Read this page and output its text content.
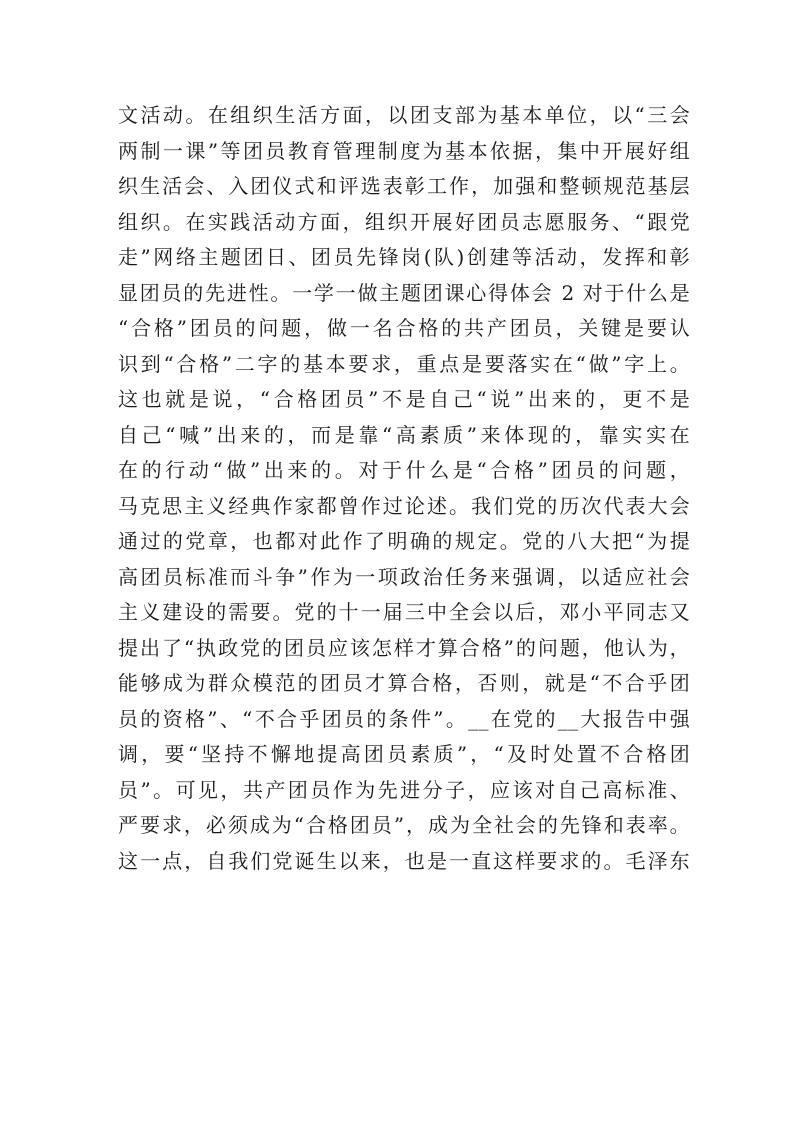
文活动。在组织生活方面，以团支部为基本单位，以“三会
两制一课”等团员教育管理制度为基本依据，集中开展好组
织生活会、入团仪式和评选表彰工作，加强和整顿规范基层
组织。在实践活动方面，组织开展好团员志愿服务、“跟党
走”网络主题团日、团员先锋岗(队)创建等活动，发挥和彰
显团员的先进性。一学一做主题团课心得体会 2 对于什么是
“合格”团员的问题，做一名合格的共产团员，关键是要认
识到“合格”二字的基本要求，重点是要落实在“做”字上。
这也就是说，“合格团员”不是自己“说”出来的，更不是
自己“喊”出来的，而是靠“高素质”来体现的，靠实实在
在的行动“做”出来的。对于什么是“合格”团员的问题，
马克思主义经典作家都曾作过论述。我们党的历次代表大会
通过的党章，也都对此作了明确的规定。党的八大把“为提
高团员标准而斗争”作为一项政治任务来强调，以适应社会
主义建设的需要。党的十一届三中全会以后，邓小平同志又
提出了“执政党的团员应该怎样才算合格”的问题，他认为，
能够成为群众模范的团员才算合格，否则，就是“不合乎团
员的资格”、“不合乎团员的条件”。__在党的__大报告中强
调，要“坚持不懈地提高团员素质”，“及时处置不合格团
员”。可见，共产团员作为先进分子，应该对自己高标准、
严要求，必须成为“合格团员”，成为全社会的先锋和表率。
这一点，自我们党诞生以来，也是一直这样要求的。毛泽东
